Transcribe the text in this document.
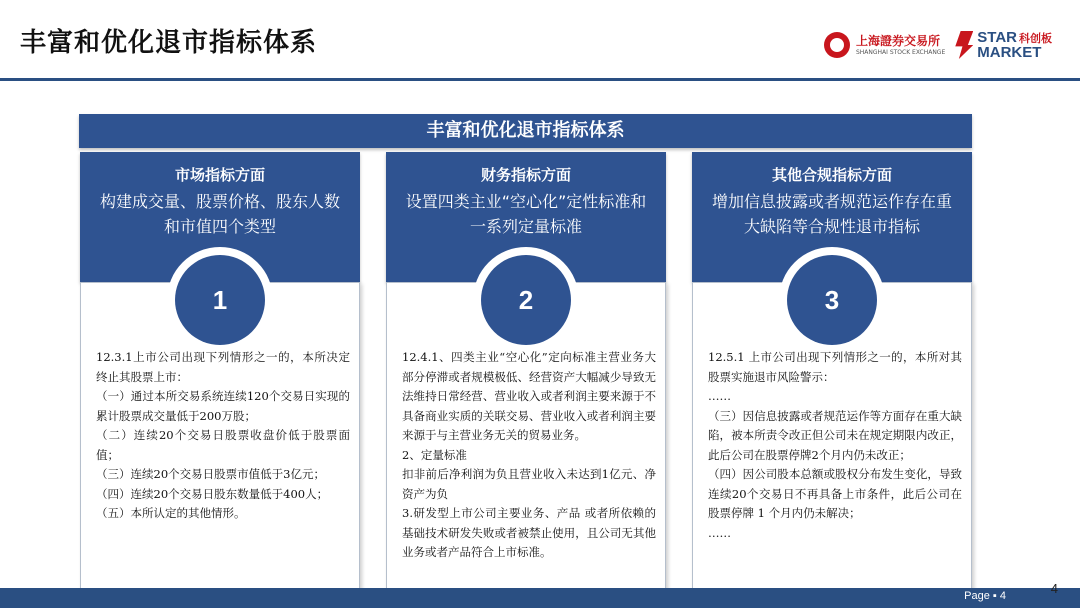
丰富和优化退市指标体系	上海證券交易所
SHANGHAI STOCK EXCHANGE
STAR 科创板
MARKET
丰富和优化退市指标体系
市场指标方面
构建成交量、股票价格、股东人数和市值四个类型
1

12.3.1上市公司出现下列情形之一的，本所决定终止其股票上市：

（一）通过本所交易系统连续120个交易日实现的累计股票成交量低于200万股；

（二）连续20个交易日股票收盘价低于股票面值；

（三）连续20个交易日股票市值低于3亿元；

（四）连续20个交易日股东数量低于400人；

（五）本所认定的其他情形。

财务指标方面
设置四类主业“空心化”定性标准和一系列定量标准
2

12.4.1、四类主业“空心化”定向标准主营业务大部分停滞或者规模极低、经营资产大幅减少导致无法维持日常经营、营业收入或者利润主要来源于不具备商业实质的关联交易、营业收入或者利润主要来源于与主营业务无关的贸易业务。

2、定量标准

扣非前后净利润为负且营业收入未达到1亿元、净资产为负

3.研发型上市公司主要业务、产品 或者所依赖的基础技术研发失败或者被禁止使用，且公司无其他业务或者产品符合上市标准。

其他合规指标方面
增加信息披露或者规范运作存在重大缺陷等合规性退市指标
3

12.5.1 上市公司出现下列情形之一的，本所对其股票实施退市风险警示：

……

（三）因信息披露或者规范运作等方面存在重大缺陷，被本所责令改正但公司未在规定期限内改正，此后公司在股票停牌2个月内仍未改正；

（四）因公司股本总额或股权分布发生变化，导致连续20个交易日不再具备上市条件，此后公司在股票停牌 1 个月内仍未解决；

……

Page ▪ 4	4
